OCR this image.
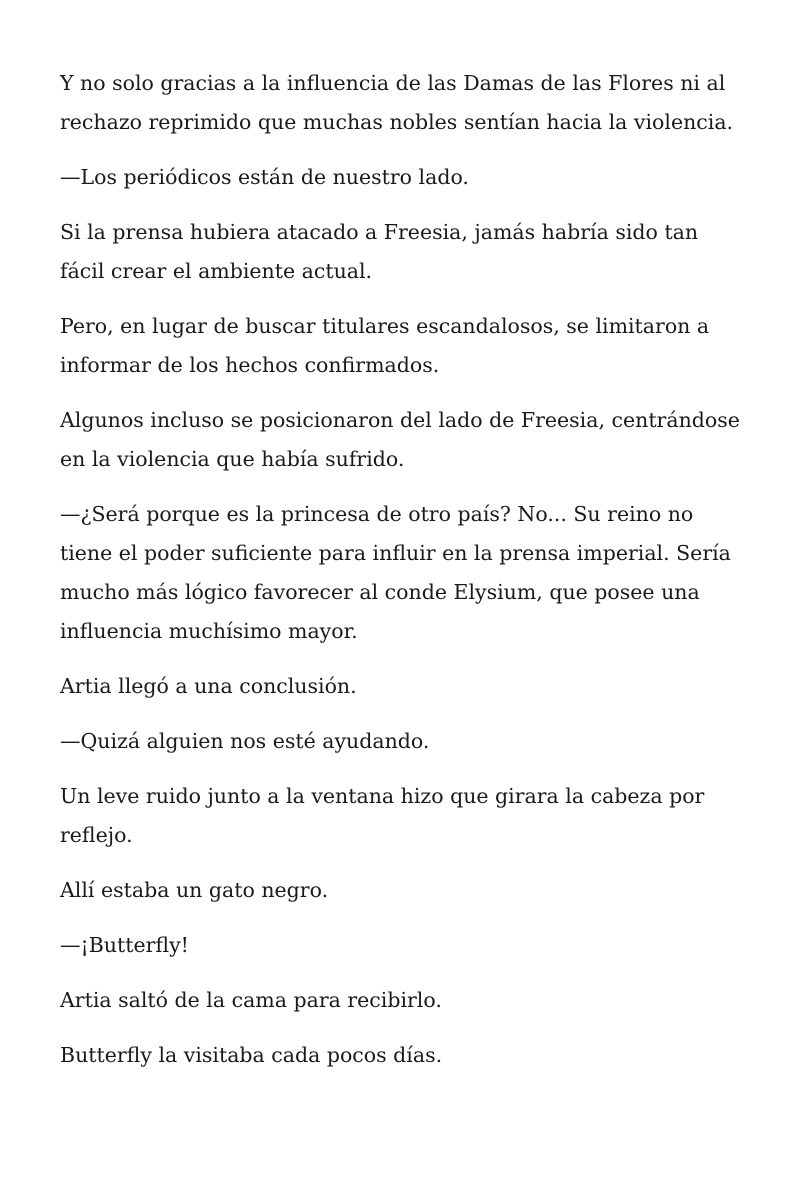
Y no solo gracias a la influencia de las Damas de las Flores ni al rechazo reprimido que muchas nobles sentían hacia la violencia.

—Los periódicos están de nuestro lado.

Si la prensa hubiera atacado a Freesia, jamás habría sido tan fácil crear el ambiente actual.

Pero, en lugar de buscar titulares escandalosos, se limitaron a informar de los hechos confirmados.

Algunos incluso se posicionaron del lado de Freesia, centrándose en la violencia que había sufrido.

—¿Será porque es la princesa de otro país? No... Su reino no tiene el poder suficiente para influir en la prensa imperial. Sería mucho más lógico favorecer al conde Elysium, que posee una influencia muchísimo mayor.

Artia llegó a una conclusión.

—Quizá alguien nos esté ayudando.

Un leve ruido junto a la ventana hizo que girara la cabeza por reflejo.

Allí estaba un gato negro.

—¡Butterfly!

Artia saltó de la cama para recibirlo.

Butterfly la visitaba cada pocos días.
